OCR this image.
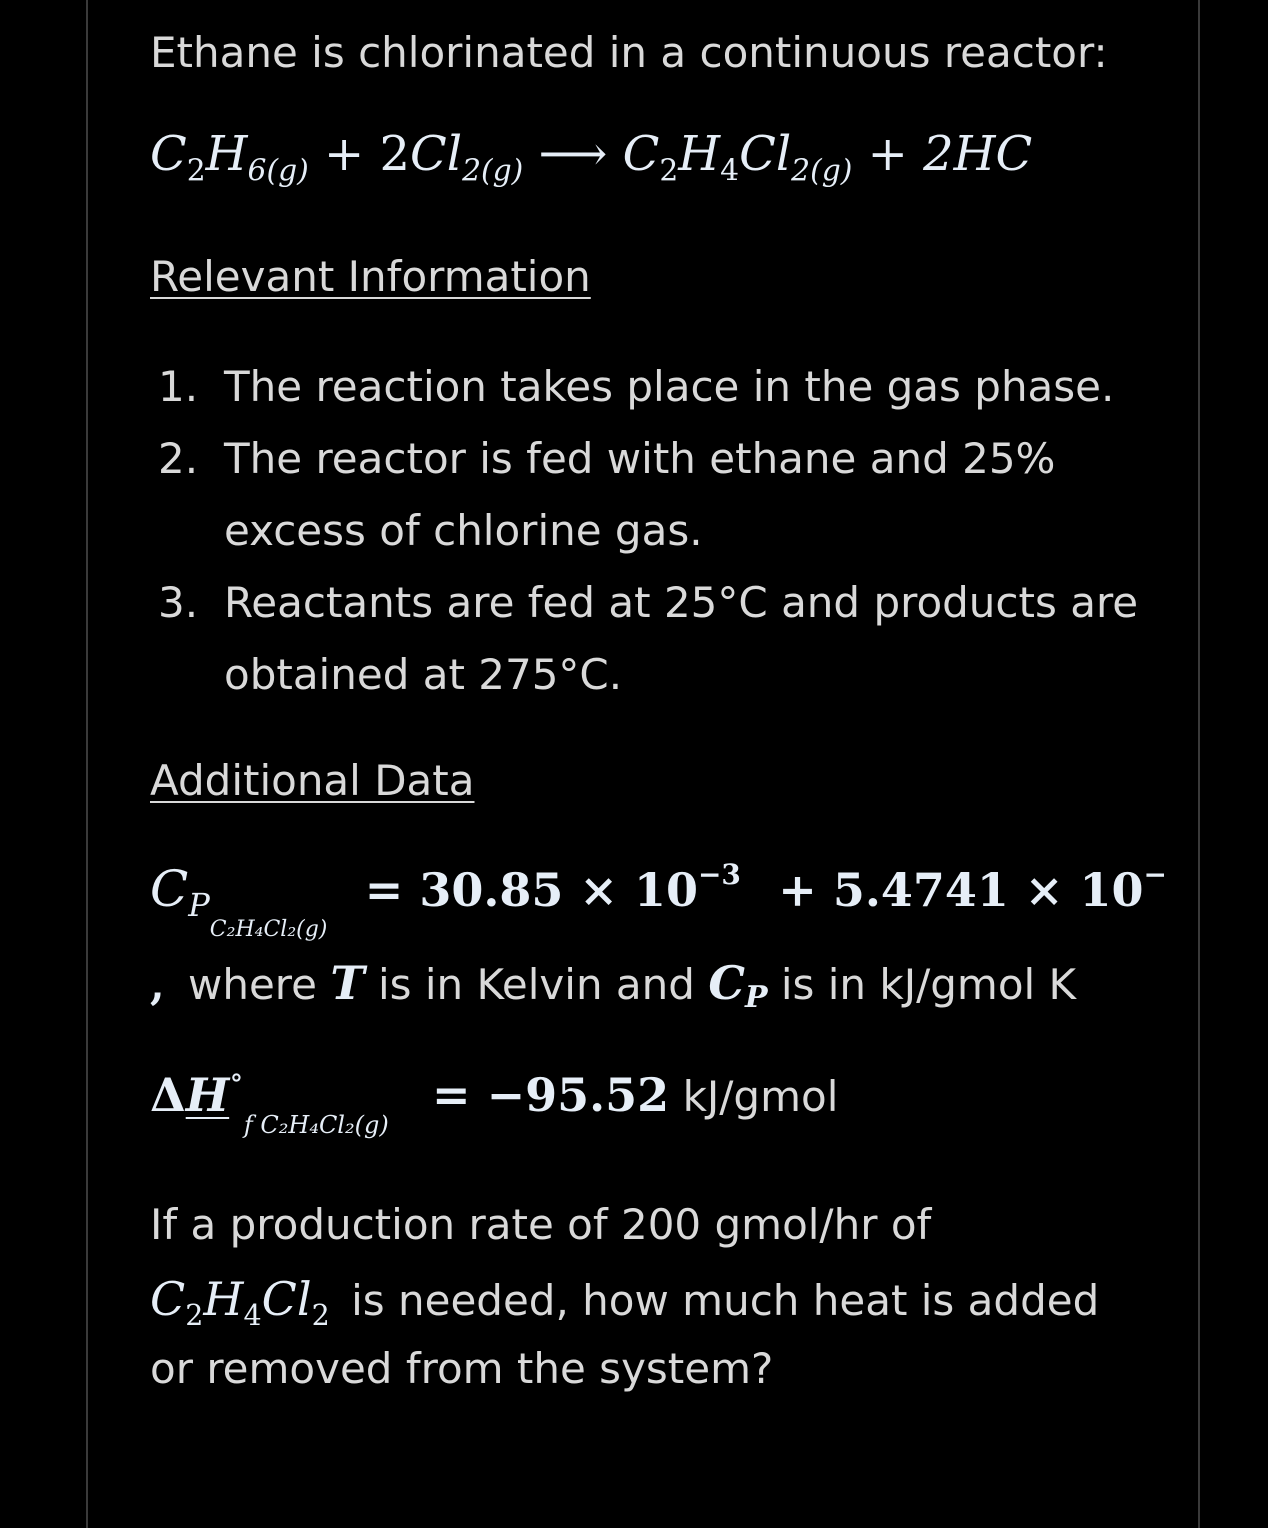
Ethane is chlorinated in a continuous reactor:
$C_2H_{6(g)} + 2Cl_{2(g)}$ ⟶ $C_2H_4Cl_{2(g)} + 2HC$
Relevant Information
1. The reaction takes place in the gas phase.
2. The reactor is fed with ethane and 25%
excess of chlorine gas.
3. Reactants are fed at 25°C and products are
obtained at 275°C.
Additional Data
$C_{PC_2H_4Cl_2(g)} = 30.85 \times 10^{-3} + 5.4741 \times 10^-$
, where T is in Kelvin and CP is in kJ/gmol K
$\Delta H^\circ_{f C_2H_4Cl_2(g)} = -95.52$ kJ/gmol
If a production rate of 200 gmol/hr of
$C_2H_4Cl_2$ is needed, how much heat is added
or removed from the system?
